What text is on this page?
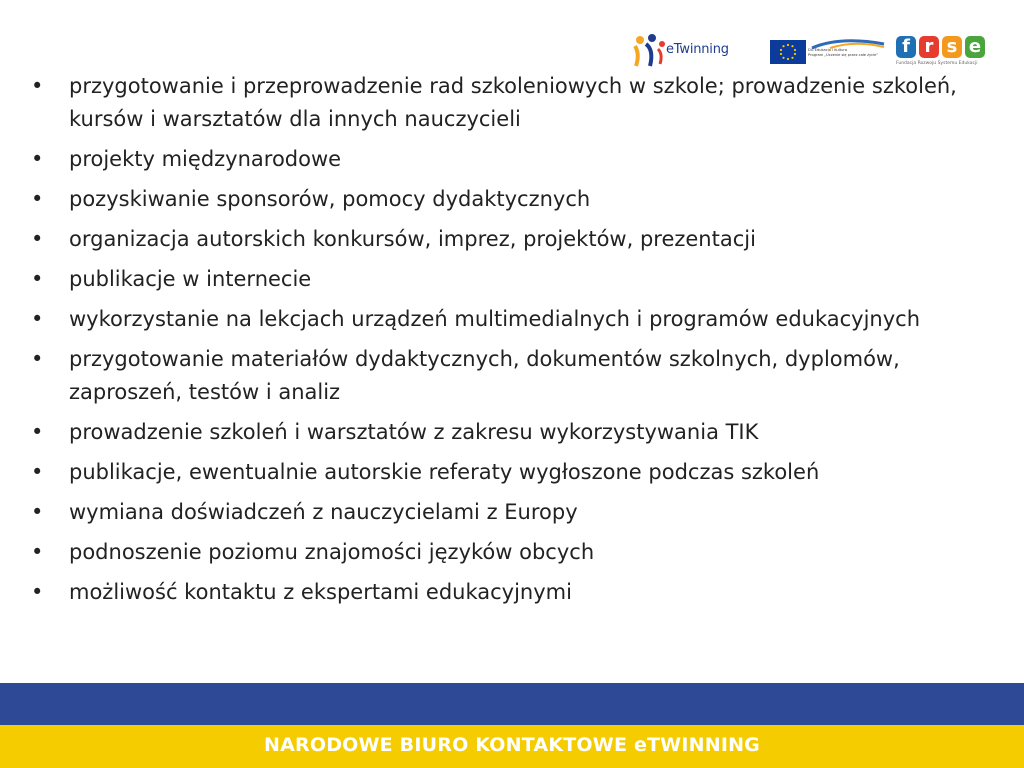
eTwinning	DG Edukacja i Kultura
Program „Uczenie się przez całe życie”	f r s e
Fundacja Rozwoju Systemu Edukacji
• przygotowanie i przeprowadzenie rad szkoleniowych w szkole; prowadzenie szkoleń, kursów i warsztatów dla innych nauczycieli
• projekty międzynarodowe
• pozyskiwanie sponsorów, pomocy dydaktycznych
• organizacja autorskich konkursów, imprez, projektów, prezentacji
• publikacje w internecie
• wykorzystanie na lekcjach urządzeń multimedialnych i programów edukacyjnych
• przygotowanie materiałów dydaktycznych, dokumentów szkolnych, dyplomów, zaproszeń, testów i analiz
• prowadzenie szkoleń i warsztatów z zakresu wykorzystywania TIK
• publikacje, ewentualnie autorskie referaty wygłoszone podczas szkoleń
• wymiana doświadczeń z nauczycielami z Europy
• podnoszenie poziomu znajomości języków obcych
• możliwość kontaktu z ekspertami edukacyjnymi
NARODOWE BIURO KONTAKTOWE eTWINNING
